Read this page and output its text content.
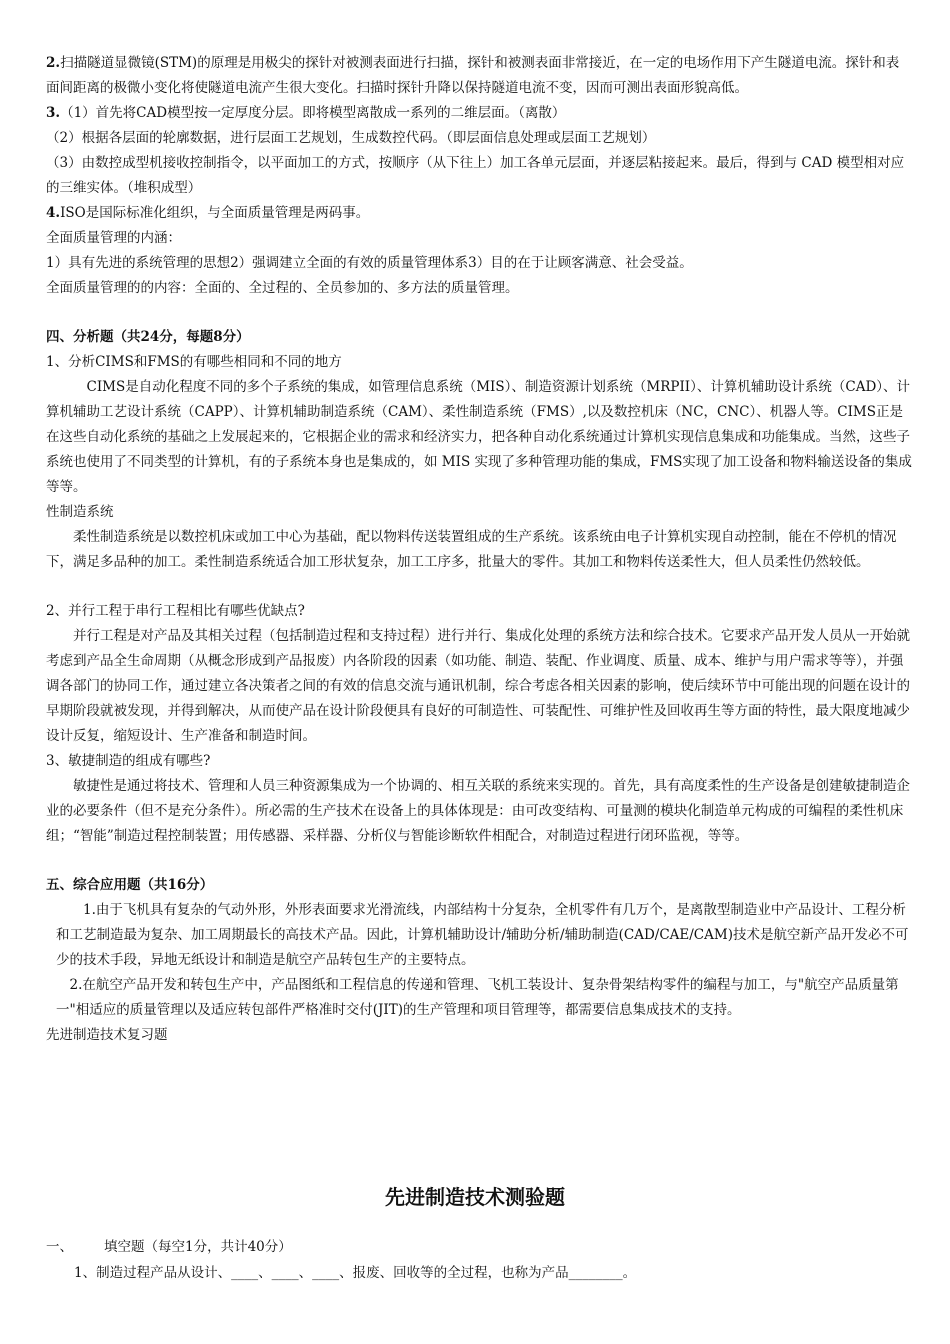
2.扫描隧道显微镜(STM)的原理是用极尖的探针对被测表面进行扫描，探针和被测表面非常接近，在一定的电场作用下产生隧道电流。探针和表面间距离的极微小变化将使隧道电流产生很大变化。扫描时探针升降以保持隧道电流不变，因而可测出表面形貌高低。

3.（1）首先将CAD模型按一定厚度分层。即将模型离散成一系列的二维层面。（离散）

（2）根据各层面的轮廓数据，进行层面工艺规划，生成数控代码。（即层面信息处理或层面工艺规划）
（3）由数控成型机接收控制指令，以平面加工的方式，按顺序（从下往上）加工各单元层面，并逐层粘接起来。最后，得到与 CAD 模型相对应的三维实体。（堆积成型）

4.ISO是国际标准化组织，与全面质量管理是两码事。

全面质量管理的内涵：
1）具有先进的系统管理的思想2）强调建立全面的有效的质量管理体系3）目的在于让顾客满意、社会受益。
全面质量管理的的内容：全面的、全过程的、全员参加的、多方法的质量管理。
四、分析题（共24分，每题8分）
1、分析CIMS和FMS的有哪些相同和不同的地方
CIMS是自动化程度不同的多个子系统的集成，如管理信息系统（MIS）、制造资源计划系统（MRPII）、计算机辅助设计系统（CAD）、计算机辅助工艺设计系统（CAPP）、计算机辅助制造系统（CAM）、柔性制造系统（FMS）,以及数控机床（NC，CNC）、机器人等。CIMS正是在这些自动化系统的基础之上发展起来的，它根据企业的需求和经济实力，把各种自动化系统通过计算机实现信息集成和功能集成。当然，这些子系统也使用了不同类型的计算机，有的子系统本身也是集成的，如 MIS 实现了多种管理功能的集成，FMS实现了加工设备和物料输送设备的集成等等。
性制造系统
柔性制造系统是以数控机床或加工中心为基础，配以物料传送装置组成的生产系统。该系统由电子计算机实现自动控制，能在不停机的情况下，满足多品种的加工。柔性制造系统适合加工形状复杂，加工工序多，批量大的零件。其加工和物料传送柔性大，但人员柔性仍然较低。
2、并行工程于串行工程相比有哪些优缺点?
并行工程是对产品及其相关过程（包括制造过程和支持过程）进行并行、集成化处理的系统方法和综合技术。它要求产品开发人员从一开始就考虑到产品全生命周期（从概念形成到产品报废）内各阶段的因素（如功能、制造、装配、作业调度、质量、成本、维护与用户需求等等），并强调各部门的协同工作，通过建立各决策者之间的有效的信息交流与通讯机制，综合考虑各相关因素的影响，使后续环节中可能出现的问题在设计的早期阶段就被发现，并得到解决，从而使产品在设计阶段便具有良好的可制造性、可装配性、可维护性及回收再生等方面的特性，最大限度地减少设计反复，缩短设计、生产准备和制造时间。
3、敏捷制造的组成有哪些?
敏捷性是通过将技术、管理和人员三种资源集成为一个协调的、相互关联的系统来实现的。首先，具有高度柔性的生产设备是创建敏捷制造企业的必要条件（但不是充分条件）。所必需的生产技术在设备上的具体体现是：由可改变结构、可量测的模块化制造单元构成的可编程的柔性机床组；“智能”制造过程控制装置；用传感器、采样器、分析仪与智能诊断软件相配合，对制造过程进行闭环监视，等等。
五、综合应用题（共16分）
1.由于飞机具有复杂的气动外形，外形表面要求光滑流线，内部结构十分复杂，全机零件有几万个，是离散型制造业中产品设计、工程分析和工艺制造最为复杂、加工周期最长的高技术产品。因此，计算机辅助设计/辅助分析/辅助制造(CAD/CAE/CAM)技术是航空新产品开发必不可少的技术手段，异地无纸设计和制造是航空产品转包生产的主要特点。
2.在航空产品开发和转包生产中，产品图纸和工程信息的传递和管理、飞机工装设计、复杂骨架结构零件的编程与加工，与"航空产品质量第一"相适应的质量管理以及适应转包部件严格准时交付(JIT)的生产管理和项目管理等，都需要信息集成技术的支持。
先进制造技术复习题
先进制造技术测验题
一、 填空题（每空1分，共计40分）
1、制造过程产品从设计、____、____、____、报废、回收等的全过程，也称为产品________。
